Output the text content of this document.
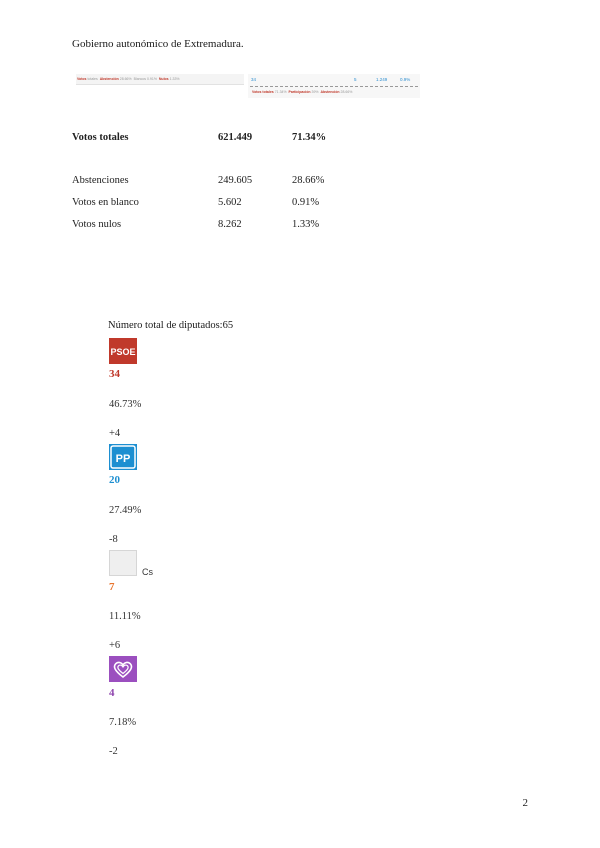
Gobierno autonómico de Extremadura.
Votos totales Abstención 28.66% Blancos 0.91% Nulos 1.33%	34	5	1.249	0.9%
Votos totales 71.34% Participación 39% Abstención 28.66%
Votos totales	621.449	71.34%
Abstenciones	249.605	28.66%
Votos en blanco	5.602	0.91%
Votos nulos	8.262	1.33%
Número total de diputados:65
PSOE
34
46.73%
+4
PP
20
27.49%
-8
Cs
7
11.11%
+6
4
7.18%
-2
2
